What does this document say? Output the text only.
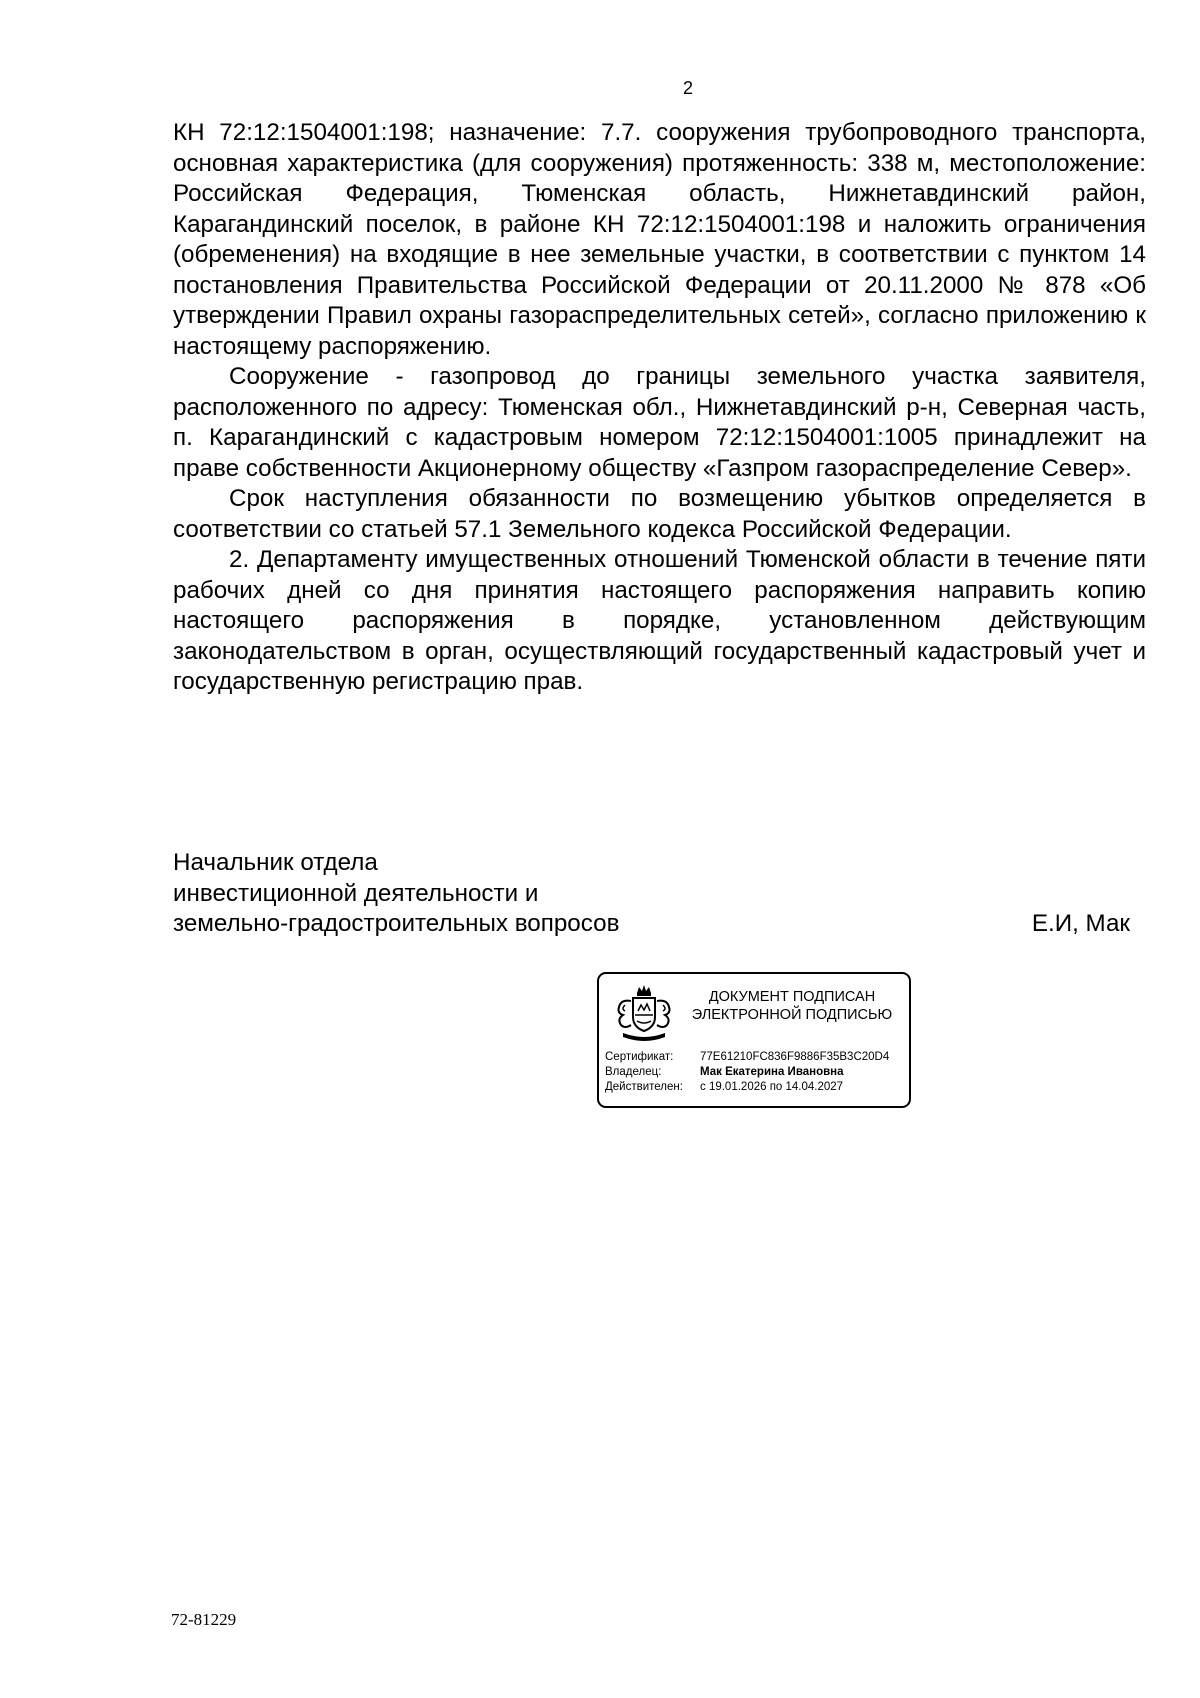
2

КН 72:12:1504001:198; назначение: 7.7. сооружения трубопроводного транспорта, основная характеристика (для сооружения) протяженность: 338 м, местоположение: Российская Федерация, Тюменская область, Нижнетавдинский район, Карагандинский поселок, в районе КН 72:12:1504001:198 и наложить ограничения (обременения) на входящие в нее земельные участки, в соответствии с пунктом 14 постановления Правительства Российской Федерации от 20.11.2000 № 878 «Об утверждении Правил охраны газораспределительных сетей», согласно приложению к настоящему распоряжению.

Сооружение - газопровод до границы земельного участка заявителя, расположенного по адресу: Тюменская обл., Нижнетавдинский р-н, Северная часть, п. Карагандинский с кадастровым номером 72:12:1504001:1005 принадлежит на праве собственности Акционерному обществу «Газпром газораспределение Север».

Срок наступления обязанности по возмещению убытков определяется в соответствии со статьей 57.1 Земельного кодекса Российской Федерации.

2. Департаменту имущественных отношений Тюменской области в течение пяти рабочих дней со дня принятия настоящего распоряжения направить копию настоящего распоряжения в порядке, установленном действующим законодательством в орган, осуществляющий государственный кадастровый учет и государственную регистрацию прав.

Начальник отдела
инвестиционной деятельности и
земельно-градостроительных вопросов	Е.И, Мак
ДОКУМЕНТ ПОДПИСАН
ЭЛЕКТРОННОЙ ПОДПИСЬЮ
Сертификат: 77E61210FC836F9886F35B3C20D4
Владелец:	Мак Екатерина Ивановна
Действителен: с 19.01.2026 по 14.04.2027
72-81229
